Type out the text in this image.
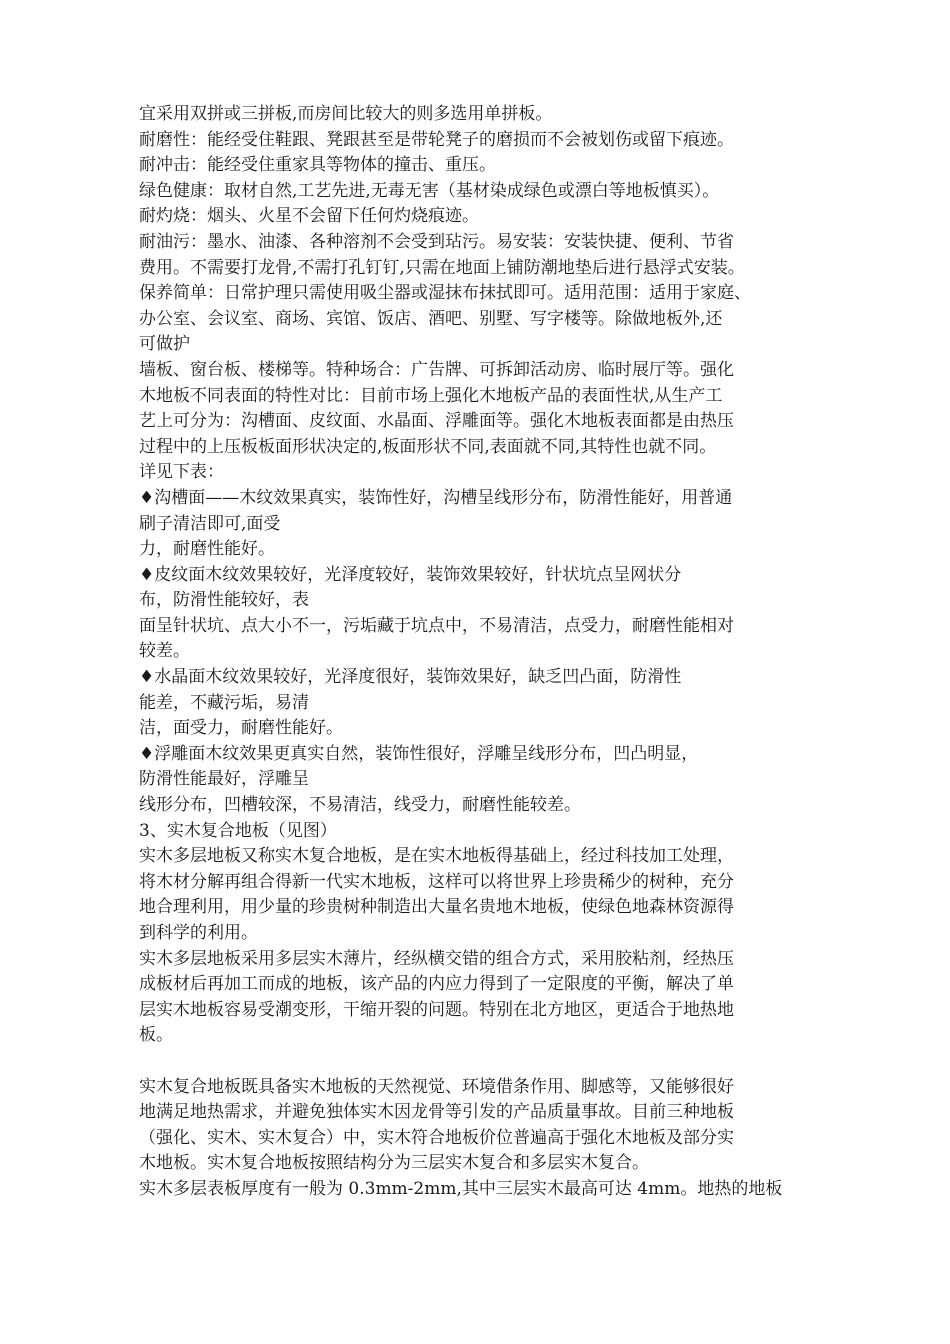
宜采用双拼或三拼板,而房间比较大的则多选用单拼板。
耐磨性：能经受住鞋跟、凳跟甚至是带轮凳子的磨损而不会被划伤或留下痕迹。
耐冲击：能经受住重家具等物体的撞击、重压。
绿色健康：取材自然,工艺先进,无毒无害（基材染成绿色或漂白等地板慎买）。
耐灼烧：烟头、火星不会留下任何灼烧痕迹。
耐油污：墨水、油漆、各种溶剂不会受到玷污。易安装：安装快捷、便利、节省
费用。不需要打龙骨,不需打孔钉钉,只需在地面上铺防潮地垫后进行悬浮式安装。
保养简单：日常护理只需使用吸尘器或湿抹布抹拭即可。适用范围：适用于家庭、
办公室、会议室、商场、宾馆、饭店、酒吧、别墅、写字楼等。除做地板外,还
可做护
墙板、窗台板、楼梯等。特种场合：广告牌、可拆卸活动房、临时展厅等。强化
木地板不同表面的特性对比：目前市场上强化木地板产品的表面性状,从生产工
艺上可分为：沟槽面、皮纹面、水晶面、浮雕面等。强化木地板表面都是由热压
过程中的上压板板面形状决定的,板面形状不同,表面就不同,其特性也就不同。
详见下表：
♦沟槽面——木纹效果真实，装饰性好，沟槽呈线形分布，防滑性能好，用普通
刷子清洁即可,面受
力，耐磨性能好。
♦皮纹面木纹效果较好，光泽度较好，装饰效果较好，针状坑点呈网状分
布，防滑性能较好，表
面呈针状坑、点大小不一，污垢藏于坑点中，不易清洁，点受力，耐磨性能相对
较差。
♦水晶面木纹效果较好，光泽度很好，装饰效果好，缺乏凹凸面，防滑性
能差，不藏污垢，易清
洁，面受力，耐磨性能好。
♦浮雕面木纹效果更真实自然，装饰性很好，浮雕呈线形分布，凹凸明显，
防滑性能最好，浮雕呈
线形分布，凹槽较深，不易清洁，线受力，耐磨性能较差。
3、实木复合地板（见图）
实木多层地板又称实木复合地板，是在实木地板得基础上，经过科技加工处理，
将木材分解再组合得新一代实木地板，这样可以将世界上珍贵稀少的树种，充分
地合理利用，用少量的珍贵树种制造出大量名贵地木地板，使绿色地森林资源得
到科学的利用。
实木多层地板采用多层实木薄片，经纵横交错的组合方式，采用胶粘剂，经热压
成板材后再加工而成的地板，该产品的内应力得到了一定限度的平衡，解决了单
层实木地板容易受潮变形，干缩开裂的问题。特别在北方地区，更适合于地热地
板。
实木复合地板既具备实木地板的天然视觉、环境借条作用、脚感等，又能够很好
地满足地热需求，并避免独体实木因龙骨等引发的产品质量事故。目前三种地板
（强化、实木、实木复合）中，实木符合地板价位普遍高于强化木地板及部分实
木地板。实木复合地板按照结构分为三层实木复合和多层实木复合。
实木多层表板厚度有一般为 0.3mm-2mm,其中三层实木最高可达 4mm。地热的地板
